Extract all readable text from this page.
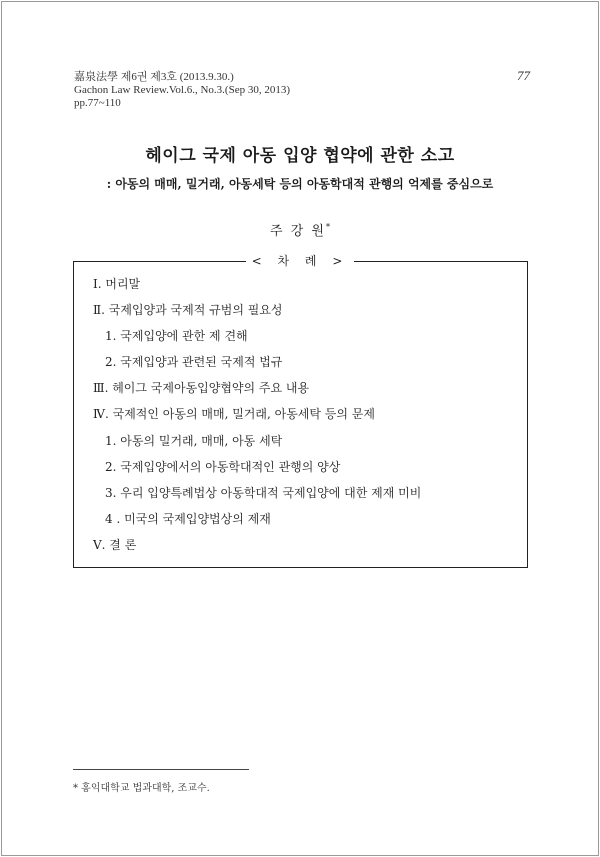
嘉泉法學 제6권 제3호 (2013.9.30.)
Gachon Law Review.Vol.6., No.3.(Sep 30, 2013)
pp.77~110
77
헤이그 국제 아동 입양 협약에 관한 소고
: 아동의 매매, 밀거래, 아동세탁 등의 아동학대적 관행의 억제를 중심으로
주 강 원*
< 차 례 >
Ⅰ. 머리말
Ⅱ. 국제입양과 국제적 규범의 필요성
1. 국제입양에 관한 제 견해
2. 국제입양과 관련된 국제적 법규
Ⅲ. 헤이그 국제아동입양협약의 주요 내용
Ⅳ. 국제적인 아동의 매매, 밀거래, 아동세탁 등의 문제
1. 아동의 밀거래, 매매, 아동 세탁
2. 국제입양에서의 아동학대적인 관행의 양상
3. 우리 입양특례법상 아동학대적 국제입양에 대한 제재 미비
4 . 미국의 국제입양법상의 제재
Ⅴ. 결 론
* 홍익대학교 법과대학, 조교수.
